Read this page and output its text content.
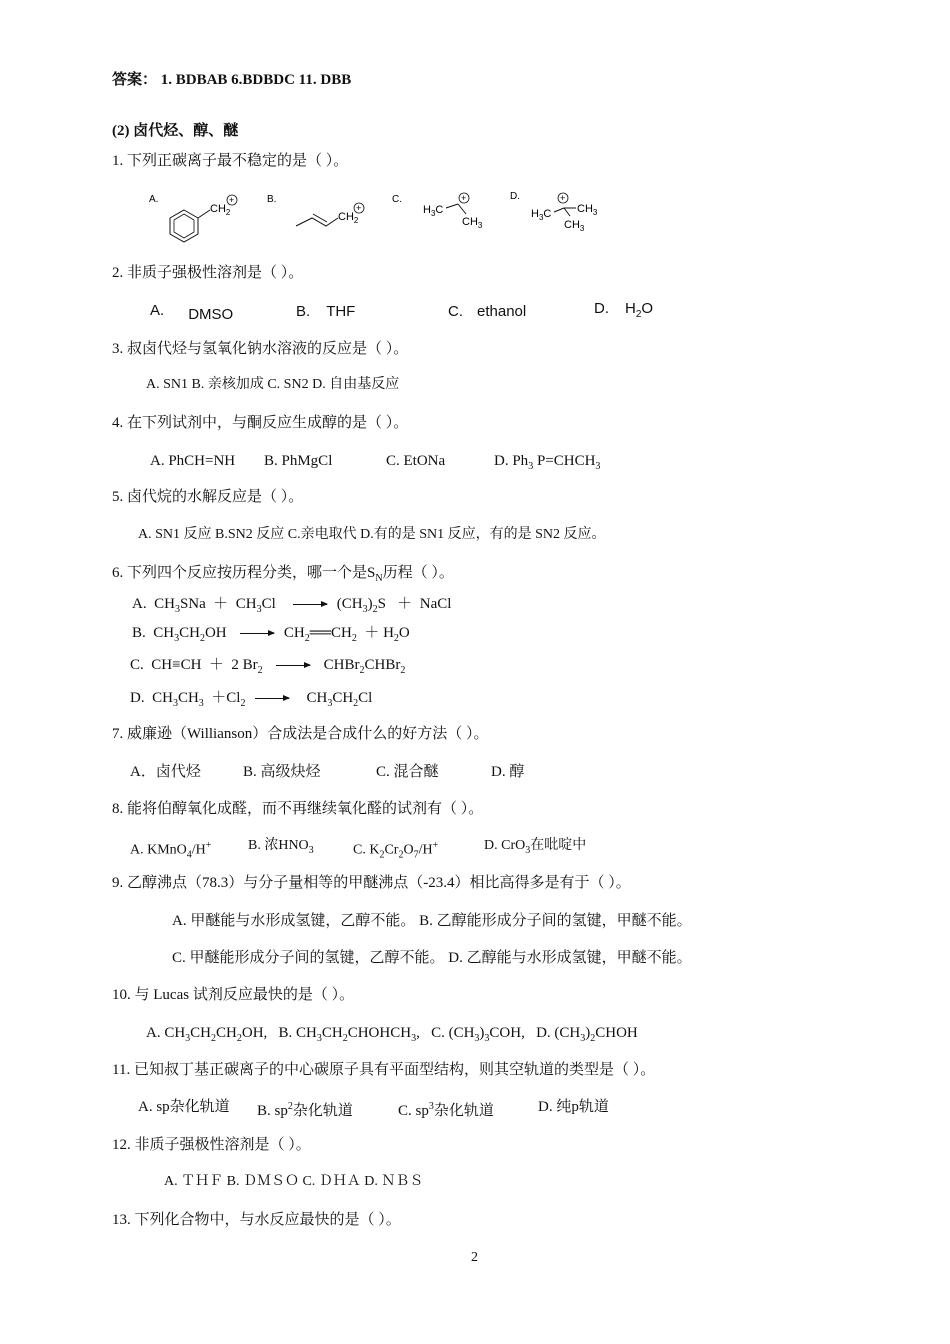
答案： 1. BDBAB 6.BDBDC 11. DBB
(2) 卤代烃、醇、醚
1. 下列正碳离子最不稳定的是（ ）。
A.
$CH_2$
+	B.
$CH_2$
+
C.
$H_3C$
+
$CH_3$
D.
$H_3C$
+
$CH_3$
$CH_3$
2. 非质子强极性溶剂是（ ）。
A. DMSO	B. THF	C. ethanol	D. $H_2O$
3. 叔卤代烃与氢氧化钠水溶液的反应是（ ）。
A. SN1 B. 亲核加成 C. SN2 D. 自由基反应
4. 在下列试剂中，与酮反应生成醇的是（ ）。
A. PhCH=NH B. PhMgCl	C. EtONa	D. $Ph_3$ $P=CHCH_3$
5. 卤代烷的水解反应是（ ）。
A. SN1 反应 B.SN2 反应 C.亲电取代 D.有的是 SN1 反应，有的是 SN2 反应。
6. 下列四个反应按历程分类，哪一个是$S_N$历程（ ）。
A.  $CH_3SNa + CH_3Cl$	$(CH_3)_2S$   ＋  NaCl
B.  $CH_3CH_2OH$	$CH_2══CH_2 + H_2O$
C.  CH≡CH  ＋  2 $Br_2$	CHBr$_2$CHBr$_2$
D.  $CH_3CH_3 +Cl_2$	$CH_3CH_2Cl$
7. 威廉逊（Willianson）合成法是合成什么的好方法（ ）。
A．卤代烃	B. 高级炔烃	C. 混合醚	D. 醇
8. 能将伯醇氧化成醛，而不再继续氧化醛的试剂有（ ）。
A. KMnO$_4$/H+	B. 浓$HNO_3$	C. $K_2Cr_2O_7/H^+$	D. CrO$_3$在吡啶中
9. 乙醇沸点（78.3）与分子量相等的甲醚沸点（-23.4）相比高得多是有于（ ）。
A. 甲醚能与水形成氢键，乙醇不能。 B. 乙醇能形成分子间的氢键，甲醚不能。
C. 甲醚能形成分子间的氢键，乙醇不能。 D. 乙醇能与水形成氢键，甲醚不能。
10. 与 Lucas 试剂反应最快的是（ ）。
A. $CH_3CH_2CH_2OH$,   B. $CH_3CH_2CHOHCH_3$,   C. $(CH_3)_3COH$,   D. $(CH_3)_2CHOH$
11. 已知叔丁基正碳离子的中心碳原子具有平面型结构，则其空轨道的类型是（ ）。
A. sp杂化轨道 B. $sp^2$杂化轨道	C. $sp^3$杂化轨道	D. 纯p轨道
12. 非质子强极性溶剂是（ ）。
A. ＴＨＦ B. ＤＭＳＯ C. ＤＨＡ D. ＮＢＳ
13. 下列化合物中，与水反应最快的是（ ）。
2
